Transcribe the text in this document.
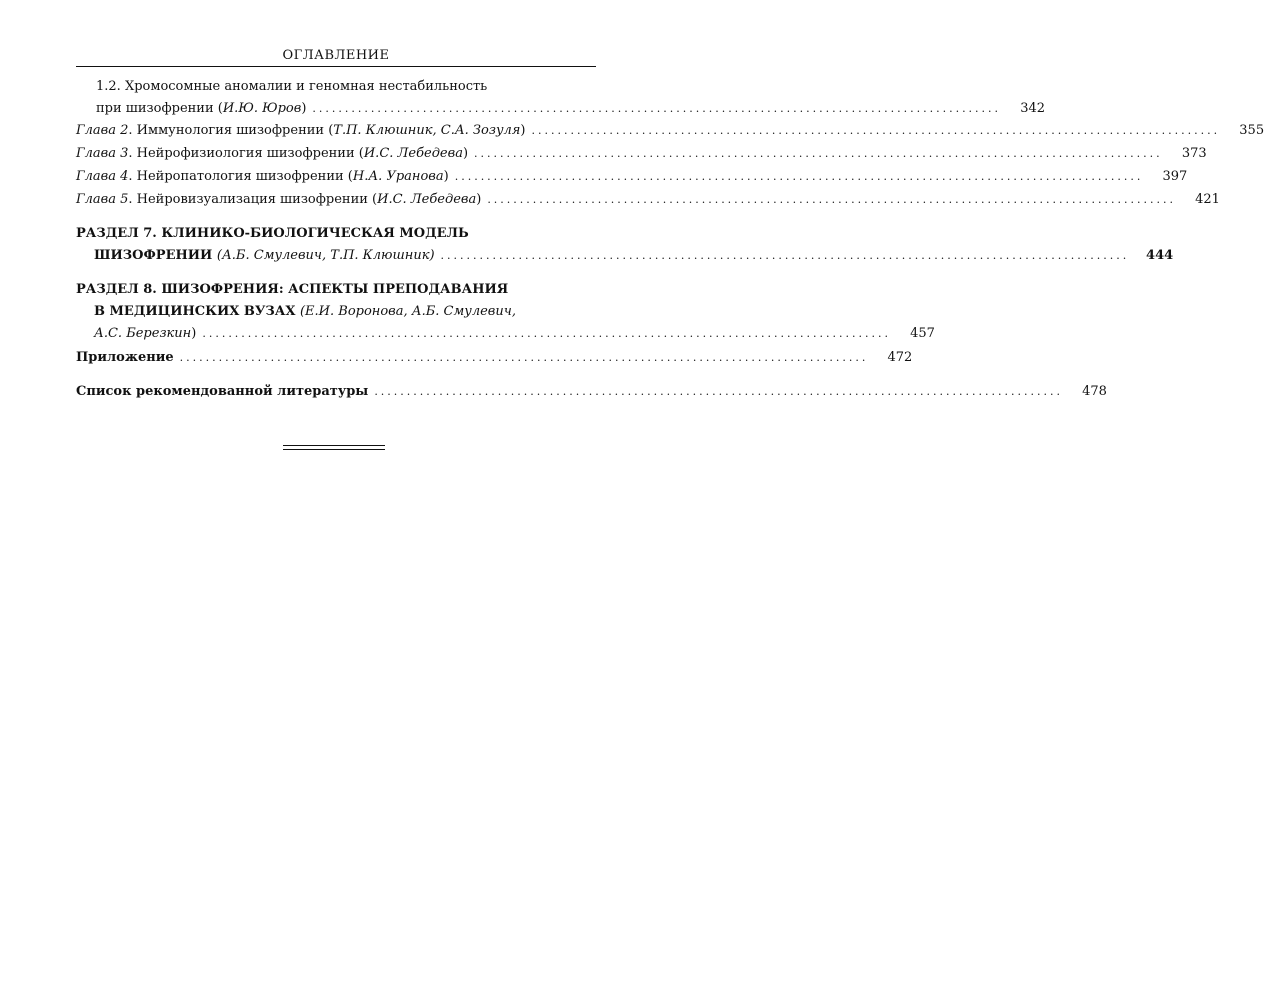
ОГЛАВЛЕНИЕ
1.2. Хромосомные аномалии и геномная нестабильность
при шизофрении ( И.Ю. Юров ) ..........................................................................................................	342
Глава 2 . Иммунология шизофрении ( Т.П. Клюшник, С.А. Зозуля ) ..........................................................................................................	355
Глава 3 . Нейрофизиология шизофрении ( И.С. Лебедева ) ..........................................................................................................	373
Глава 4 . Нейропатология шизофрении ( Н.А. Уранова ) ..........................................................................................................	397
Глава 5 . Нейровизуализация шизофрении ( И.С. Лебедева ) ..........................................................................................................	421
РАЗДЕЛ 7. КЛИНИКО-БИОЛОГИЧЕСКАЯ МОДЕЛЬ
ШИЗОФРЕНИИ
(А.Б. Смулевич, Т.П. Клюшник) ..........................................................................................................	444
РАЗДЕЛ 8. ШИЗОФРЕНИЯ: АСПЕКТЫ ПРЕПОДАВАНИЯ
В МЕДИЦИНСКИХ ВУЗАХ
(Е.И. Воронова, А.Б. Смулевич,
А.С. Березкин ) ..........................................................................................................	457
Приложение ..........................................................................................................	472
Список рекомендованной литературы ..........................................................................................................	478
